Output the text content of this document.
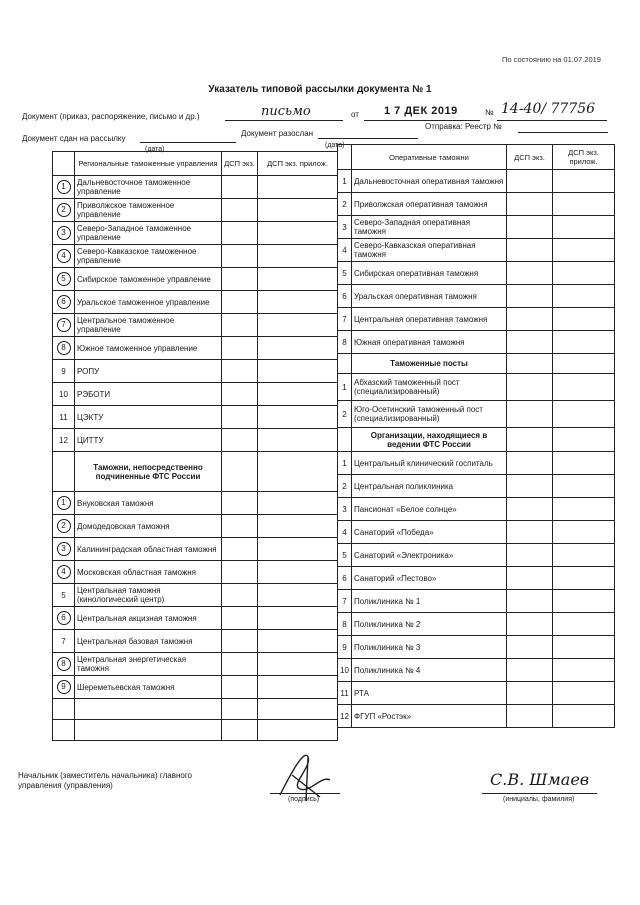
По состоянию на 01.07.2019
Указатель типовой рассылки документа № 1
Документ (приказ, распоряжение, письмо и др.)	письмо	от 1 7 ДЕК 2019	№ 14-40/ 77756
Документ сдан на рассылку
Документ разослан
Отправка: Реестр №
(дата)
(дата)
	Региональные таможенные управления	ДСП экз.	ДСП экз. прилож.
1	Дальневосточное таможенное управление		
2	Приволжское таможенное управление		
3	Северо-Западное таможенное управление		
4	Северо-Кавказское таможенное управление		
5	Сибирское таможенное управление		
6	Уральское таможенное управление		
7	Центральное таможенное управление		
8	Южное таможенное управление		
9	РОПУ		
10	РЭБОТИ		
11	ЦЭКТУ		
12	ЦИТТУ		
	Таможни, непосредственно подчиненные ФТС России		
1	Внуковская таможня		
2	Домодедовская таможня		
3	Калининградская областная таможня		
4	Московская областная таможня		
5	Центральная таможня (кинологический центр)		
6	Центральная акцизная таможня		
7	Центральная базовая таможня		
8	Центральная энергетическая таможня		
9	Шереметьевская таможня		

	Оперативные таможни	ДСП экз.	ДСП экз. прилож.
1	Дальневосточная оперативная таможня		
2	Приволжская оперативная таможня		
3	Северо-Западная оперативная таможня		
4	Северо-Кавказская оперативная таможня		
5	Сибирская оперативная таможня		
6	Уральская оперативная таможня		
7	Центральная оперативная таможня		
8	Южная оперативная таможня		
	Таможенные посты		
1	Абхазский таможенный пост (специализированный)		
2	Юго-Осетинский таможенный пост (специализированный)		
	Организации, находящиеся в ведении ФТС России		
1	Центральный клинический госпиталь		
2	Центральная поликлиника		
3	Пансионат «Белое солнце»		
4	Санаторий «Победа»		
5	Санаторий «Электроника»		
6	Санаторий «Пестово»		
7	Поликлиника № 1		
8	Поликлиника № 2		
9	Поликлиника № 3		
10	Поликлиника № 4		
11	РТА		
12	ФГУП «Ростэк»		
Начальник (заместитель начальника) главного управления (управления)
(подпись)
С.В. Шмаев
(инициалы, фамилия)
